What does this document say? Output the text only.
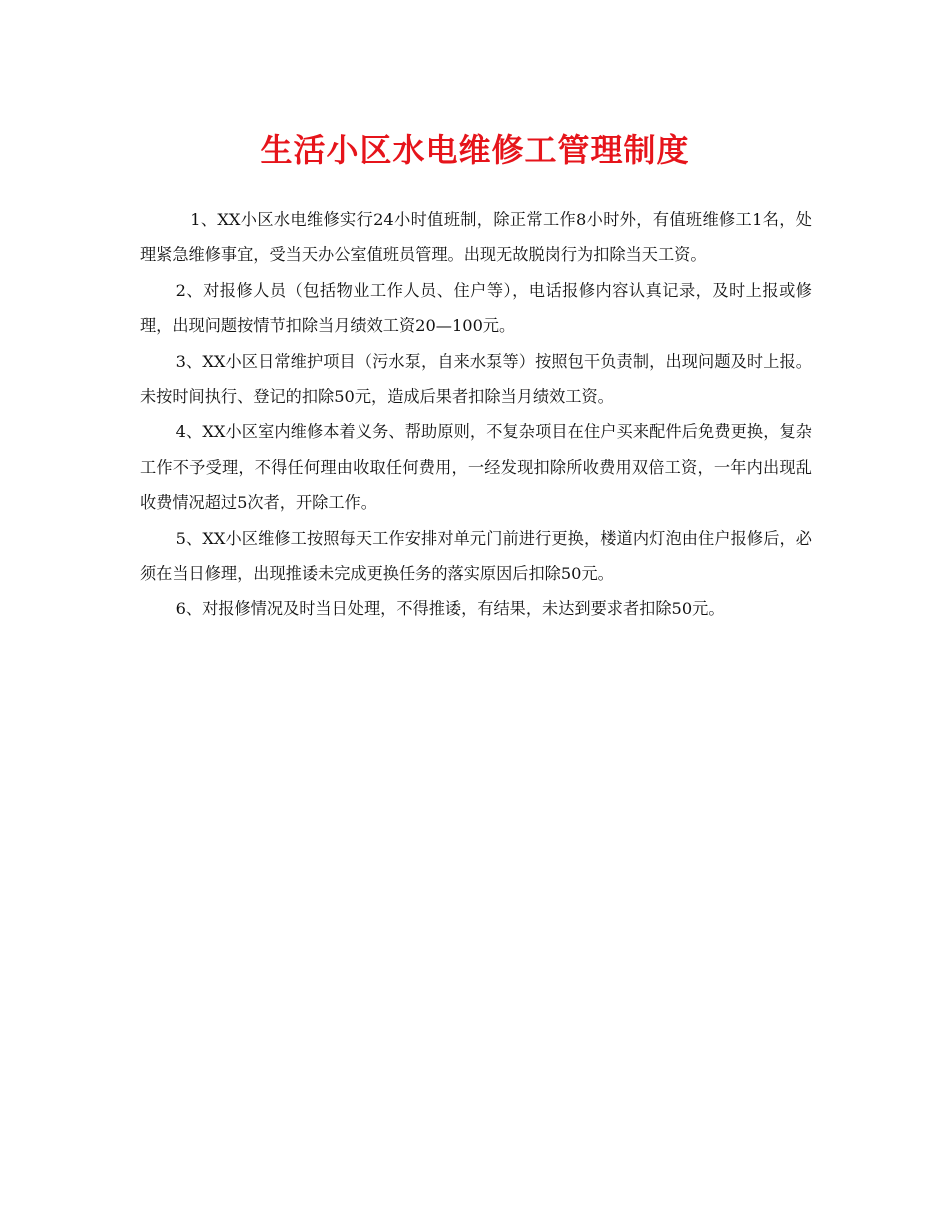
生活小区水电维修工管理制度

1、XX小区水电维修实行24小时值班制，除正常工作8小时外，有值班维修工1名，处理紧急维修事宜，受当天办公室值班员管理。出现无故脱岗行为扣除当天工资。

2、对报修人员（包括物业工作人员、住户等），电话报修内容认真记录，及时上报或修理，出现问题按情节扣除当月绩效工资20—100元。

3、XX小区日常维护项目（污水泵，自来水泵等）按照包干负责制，出现问题及时上报。未按时间执行、登记的扣除50元，造成后果者扣除当月绩效工资。

4、XX小区室内维修本着义务、帮助原则，不复杂项目在住户买来配件后免费更换，复杂工作不予受理，不得任何理由收取任何费用，一经发现扣除所收费用双倍工资，一年内出现乱收费情况超过5次者，开除工作。

5、XX小区维修工按照每天工作安排对单元门前进行更换，楼道内灯泡由住户报修后，必须在当日修理，出现推诿未完成更换任务的落实原因后扣除50元。

6、对报修情况及时当日处理，不得推诿，有结果，未达到要求者扣除50元。
